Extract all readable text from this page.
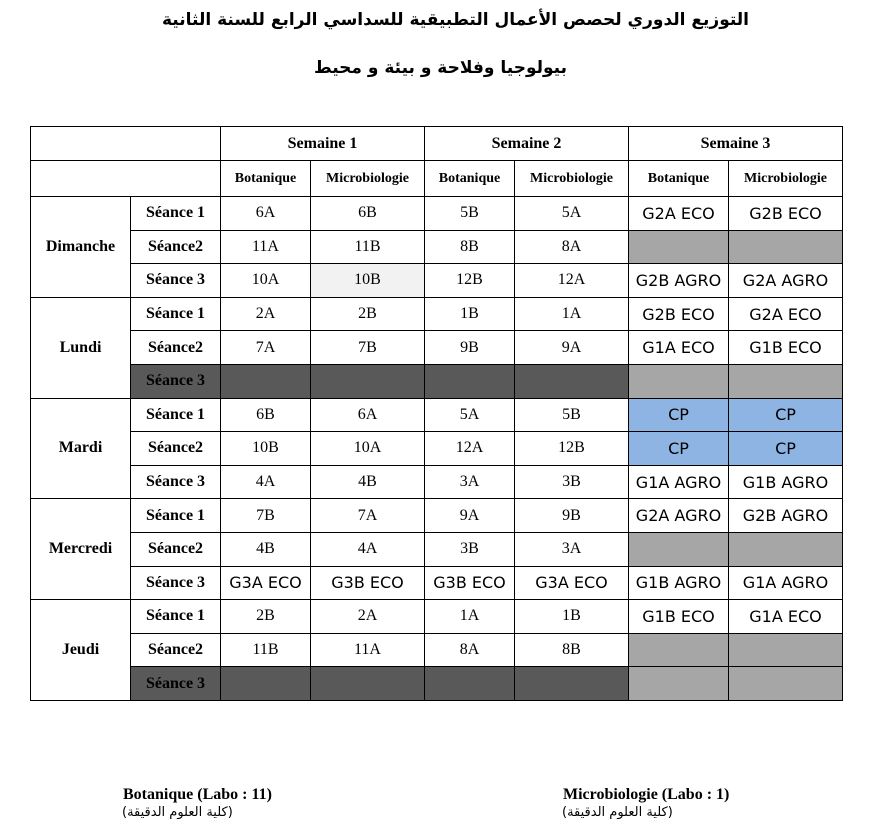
التوزيع الدوري لحصص الأعمال التطبيقية للسداسي الرابع للسنة الثانية
بيولوجيا وفلاحة و بيئة و محيط
		Semaine 1		Semaine 2		Semaine 3	
		Botanique	Microbiologie	Botanique	Microbiologie	Botanique	Microbiologie
Dimanche	Séance 1	6A	6B	5B	5A	G2A ECO	G2B ECO
	Séance2	11A	11B	8B	8A		
	Séance 3	10A	10B	12B	12A	G2B AGRO	G2A AGRO
Lundi	Séance 1	2A	2B	1B	1A	G2B ECO	G2A ECO
	Séance2	7A	7B	9B	9A	G1A ECO	G1B ECO
	Séance 3						
Mardi	Séance 1	6B	6A	5A	5B	CP	CP
	Séance2	10B	10A	12A	12B	CP	CP
	Séance 3	4A	4B	3A	3B	G1A AGRO	G1B AGRO
Mercredi	Séance 1	7B	7A	9A	9B	G2A AGRO	G2B AGRO
	Séance2	4B	4A	3B	3A		
	Séance 3	G3A ECO	G3B ECO	G3B ECO	G3A ECO	G1B AGRO	G1A AGRO
Jeudi	Séance 1	2B	2A	1A	1B	G1B ECO	G1A ECO
	Séance2	11B	11A	8A	8B		
	Séance 3						
Botanique (Labo : 11)
(كلية العلوم الدقيقة)
Microbiologie (Labo : 1)
(كلية العلوم الدقيقة)
